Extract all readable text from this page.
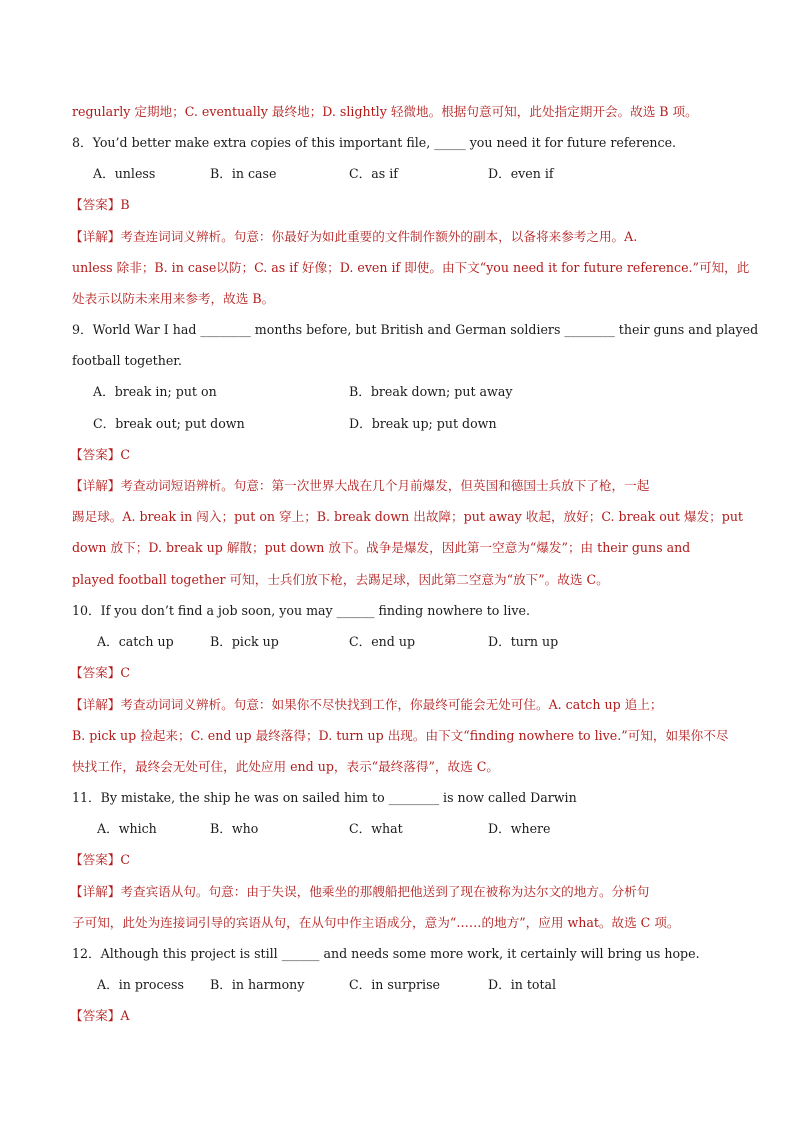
regularly 定期地；C. eventually 最终地；D. slightly 轻微地。根据句意可知，此处指定期开会。故选 B 项。
8．You’d better make extra copies of this important file, _____ you need it for future reference.
A．unless	B．in case	C．as if	D．even if
【答案】B
【详解】考查连词词义辨析。句意：你最好为如此重要的文件制作额外的副本，以备将来参考之用。A.
unless 除非；B. in case以防；C. as if 好像；D. even if 即使。由下文“you need it for future reference.”可知，此
处表示以防未来用来参考，故选 B。
9．World War I had ________ months before, but British and German soldiers ________ their guns and played
football together.
A．break in; put on	B．break down; put away
C．break out; put down	D．break up; put down
【答案】C
【详解】考查动词短语辨析。句意：第一次世界大战在几个月前爆发，但英国和德国士兵放下了枪，一起
踢足球。A. break in 闯入；put on 穿上；B. break down 出故障；put away 收起，放好；C. break out 爆发；put
down 放下；D. break up 解散；put down 放下。战争是爆发，因此第一空意为“爆发”；由 their guns and
played football together 可知，士兵们放下枪，去踢足球，因此第二空意为“放下”。故选 C。
10．If you don’t find a job soon, you may ______ finding nowhere to live.
A．catch up	B．pick up	C．end up	D．turn up
【答案】C
【详解】考查动词词义辨析。句意：如果你不尽快找到工作，你最终可能会无处可住。A. catch up 追上；
B. pick up 捡起来；C. end up 最终落得；D. turn up 出现。由下文“finding nowhere to live.”可知，如果你不尽
快找工作，最终会无处可住，此处应用 end up，表示“最终落得”，故选 C。
11．By mistake, the ship he was on sailed him to ________ is now called Darwin
A．which	B．who	C．what	D．where
【答案】C
【详解】考查宾语从句。句意：由于失误，他乘坐的那艘船把他送到了现在被称为达尔文的地方。分析句
子可知，此处为连接词引导的宾语从句，在从句中作主语成分，意为“……的地方”，应用 what。故选 C 项。
12．Although this project is still ______ and needs some more work, it certainly will bring us hope.
A．in process B．in harmony	C．in surprise	D．in total
【答案】A
